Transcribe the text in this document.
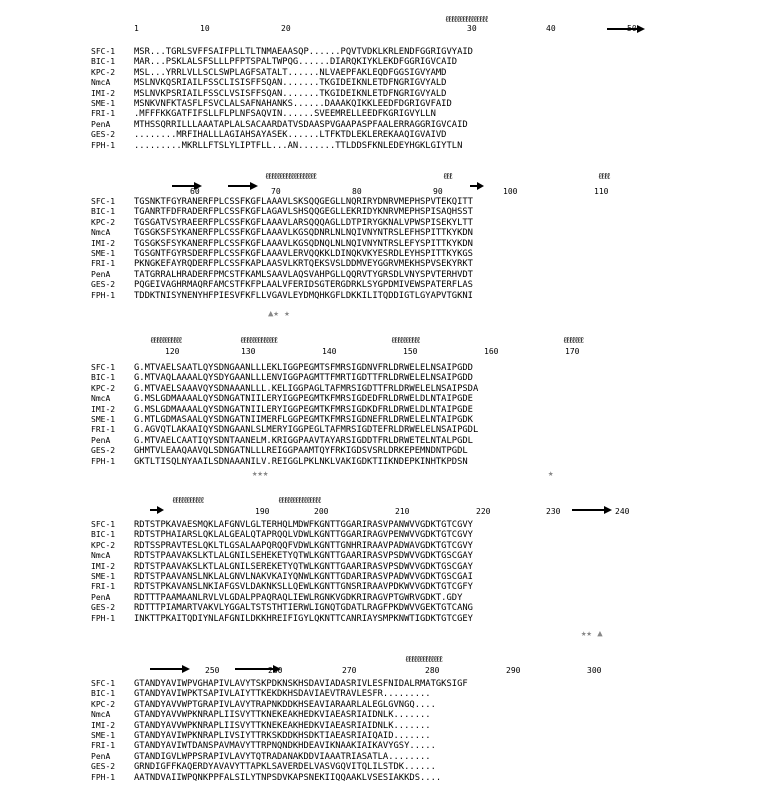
ℓℓℓℓℓℓℓℓℓℓℓℓℓℓℓ
1	10	20	30	40	50
SFC-1 MSR...TGRLSVFFSAIFPLLTLTNMAEAASQP......PQVTVDKLKRLENDFGGRIGVYAID
BIC-1 MAR...PSKLALSFSLLLPFPTSPALTWPQG......DIARQKIYKLEKDFGGRIGVCAID
KPC-2 MSL...YRRLVLLSCLSWPLAGFSATALT......NLVAEPFAKLEQDFGGSIGVYAMD
NmcA	MSLNVKQSRIAILFSSCLISISFFSQAN.......TKGIDEIKNLETDFNGRIGVYALD
IMI-2 MSLNVKPSRIAILFSSCLVSISFFSQAN.......TKGIDEIKNLETDFNGRIGVYALD
SME-1 MSNKVNFKTASFLFSVCLALSAFNAHANKS......DAAAKQIKKLEEDFDGRIGVFAID
FRI-1 .MFFFKKGATFIFSLLFLPLNFSAQVIN......SVEEMRELLEEDFKGRIGVYLLN
PenA	MTHSSQRRILLLAAATAPLALSACAARDATVSDAASPVGAAPASPFAALERRAGGRIGVCAID
GES-2 ........MRFIHALLLAGIAHSAYASEK......LTFKTDLEKLEREKAAQIGVAIVD
FPH-1 .........MKRLLFTSLYLIPTFLL...AN.......TTLDDSFKNLEDEYHGKLGIYTLN
ℓℓℓℓℓℓℓℓℓℓℓℓℓℓℓℓℓℓ	ℓℓℓ	ℓℓℓℓ
60	70	80	90	100	110
SFC-1 TGSNKTFGYRANERFPLCSSFKGFLAAAVLSKSQQGEGLLNQRIRYDNRVMEPHSPVTEKQITT
BIC-1 TGANRTFDFRADERFPLCSSFKGFLAGAVLSHSQQGEGLLEKRIDYKNRVMEPHSPISAQHSST
KPC-2 TGSGATVSYRAEERFPLCSSFKGFLAAAVLARSQQQAGLLDTPIRYGKNALVPWSPISEKYLTT
NmcA	TGSGKSFSYKANERFPLCSSFKGFLAAAVLKGSQDNRLNLNQIVNYNTRSLEFHSPITTKYKDN
IMI-2 TGSGKSFSYKANERFPLCSSFKGFLAAAVLKGSQDNQLNLNQIVNYNTRSLEFYSPITTKYKDN
SME-1 TGSGNTFGYRSDERFPLCSSFKGFLAAAVLERVQQKKLDINQKVKYESRDLEYHSPITTKYKGS
FRI-1 PKNGKEFAYRQDERFPLCSSFKAPLAASVLKRTQEKSVSLDDMVEYGGRVMEKHSPVSEKYRKT
PenA	TATGRRALHRADERFPMCSTFKAMLSAAVLAQSVAHPGLLQQRVTYGRSDLVNYSPVTERHVDT
GES-2 PQGEIVAGHRMAQRFAMCSTFKFPLAALVFERIDSGTERGDRKLSYGPDMIVEWSPATERFLAS
FPH-1 TDDKTNISYNENYHFPIESVFKFLLVGAVLEYDMQHKGFLDKKILITQDDIGTLGYAPVTGKNI
▲★ ★
ℓℓℓℓℓℓℓℓℓℓℓ	ℓℓℓℓℓℓℓℓℓℓℓℓℓ	ℓℓℓℓℓℓℓℓℓℓ	ℓℓℓℓℓℓℓ
120	130	140	150	160	170
SFC-1 G.MTVAELSAATLQYSDNGAANLLLEKLIGGPEGMTSFMRSIGDNVFRLDRWELELNSAIPGDD
BIC-1 G.MTVAQLAAAALQYSDYGAANLLLENVIGGPAGMTTFMRTIGDTTFRLDRWELELNSAIPGDD
KPC-2 G.MTVAELSAAAVQYSDNAAANLLL.KELIGGPAGLTAFMRSIGDTTFRLDRWELELNSAIPSDA
NmcA	G.MSLGDMAAAALQYSDNGATNIILERYIGGPEGMTKFMRSIGDEDFRLDRWELDLNTAIPGDE
IMI-2 G.MSLGDMAAAALQYSDNGATNIILERYIGGPEGMTKFMRSIGDKDFRLDRWELDLNTAIPGDE
SME-1 G.MTLGDMASAALQYSDNGATNIIMERFLGGPEGMTKFMRSIGDNEFRLDRWELELNTAIPGDK
FRI-1 G.AGVQTLAKAAIQYSDNGAANLSLMERYIGGPEGLTAFMRSIGDTEFRLDRWELELNSAIPGDL
PenA	G.MTVAELCAATIQYSDNTAANELM.KRIGGPAAVTAYARSIGDDTFRLDRWETELNTALPGDL
GES-2 GHMTVLEAAQAAVQLSDNGATNLLLREIGGPAAMTQYFRKIGDSVSRLDRKEPEMNDNTPGDL
FPH-1 GKTLTISQLNYAAILSDNAAANILV.REIGGLPKLNKLVAKIGDKTIIKNDEPKINHTKPDSN
★★★	★
ℓℓℓℓℓℓℓℓℓℓℓ	ℓℓℓℓℓℓℓℓℓℓℓℓℓℓℓ
190	200	210	220	230	240
SFC-1 RDTSTPKAVAESMQKLAFGNVLGLTERHQLMDWFKGNTTGGARIRASVPANWVVGDKTGTCGVY
BIC-1 RDTSTPHAIARSLQKLALGEALQTAPRQQLVDWLKGNTTGGARIRAGVPENWVVGDKTGTCGVY
KPC-2 RDTSSPRAVTESLQKLTLGSALAAPQRQQFVDWLKGNTTGNHRIRAAVPADWAVGDKTGTCGVY
NmcA	RDTSTPAAVAKSLKTLALGNILSEHEKETYQTWLKGNTTGAARIRASVPSDWVVGDKTGSCGAY
IMI-2 RDTSTPAAVAKSLKTLALGNILSEREKETYQTWLKGNTTGAARIRASVPSDWVVGDKTGSCGAY
SME-1 RDTSTPAAVANSLNKLALGNVLNAKVKAIYQNWLKGNTTGDARIRASVPADWVVGDKTGSCGAI
FRI-1 RDTSTPKAVANSLNKIAFGSVLDAKNKSLLQEWLKGNTTGNSRIRAAVPDKWVVGDKTGTCGFY
PenA	RDTTTPAAMAANLRVLVLGDALPPAQRAQLIEWLRGNKVGDKRIRAGVPTGWRVGDKT.GDY
GES-2 RDTTTPIAMARTVAKVLYGGALTSTSTHTIERWLIGNQTGDATLRAGFPKDWVVGEKTGTCANG
FPH-1 INKTTPKAITQDIYNLAFGNILDKKHREIFIGYLQKNTTCANRIAYSMPKNWTIGDKTGTCGEY
★★ ▲
ℓℓℓℓℓℓℓℓℓℓℓℓℓ
250	260	270	280	290	300
SFC-1 GTANDYAVIWPVGHAPIVLAVYTSKPDKNSKHSDAVIADASRIVLESFNIDALRMATGKSIGF
BIC-1 GTANDYAVIWPKTSAPIVLAIYTTKEKDKHSDAVIAEVTRAVLESFR.........
KPC-2 GTANDYAVVWPTGRAPIVLAVYTRAPNKDDKHSEAVIARAARLALEGLGVNGQ....
NmcA	GTANDYAVVWPKNRAPLIISVYTTKNEKEAKHEDKVIAEASRIAIDNLK.......
IMI-2 GTANDYAVVWPKNRAPLIISVYTTKNEKEAKHEDKVIAEASRIAIDNLK.......
SME-1 GTANDYAVIWPKNRAPLIVSIYTTRKSKDDKHSDKTIAEASRIAIQAID.......
FRI-1 GTANDYAVIWTDANSPAVMAVYTTRPNQNDKHDEAVIKNAAKIAIKAVYGSY.....
PenA	GTANDIGVLWPPSRAPIVLAVYTQTRADANAKDDVIAAATRIASATLA........
GES-2 GRNDIGFFKAQERDYAVAVYTTAPKLSAVERDELVASVGQVITQLILSTDK......
FPH-1 AATNDVAIIWPQNKPPFALSILYTNPSDVKAPSNEKIIQQAAKLVSESIAKKDS....
